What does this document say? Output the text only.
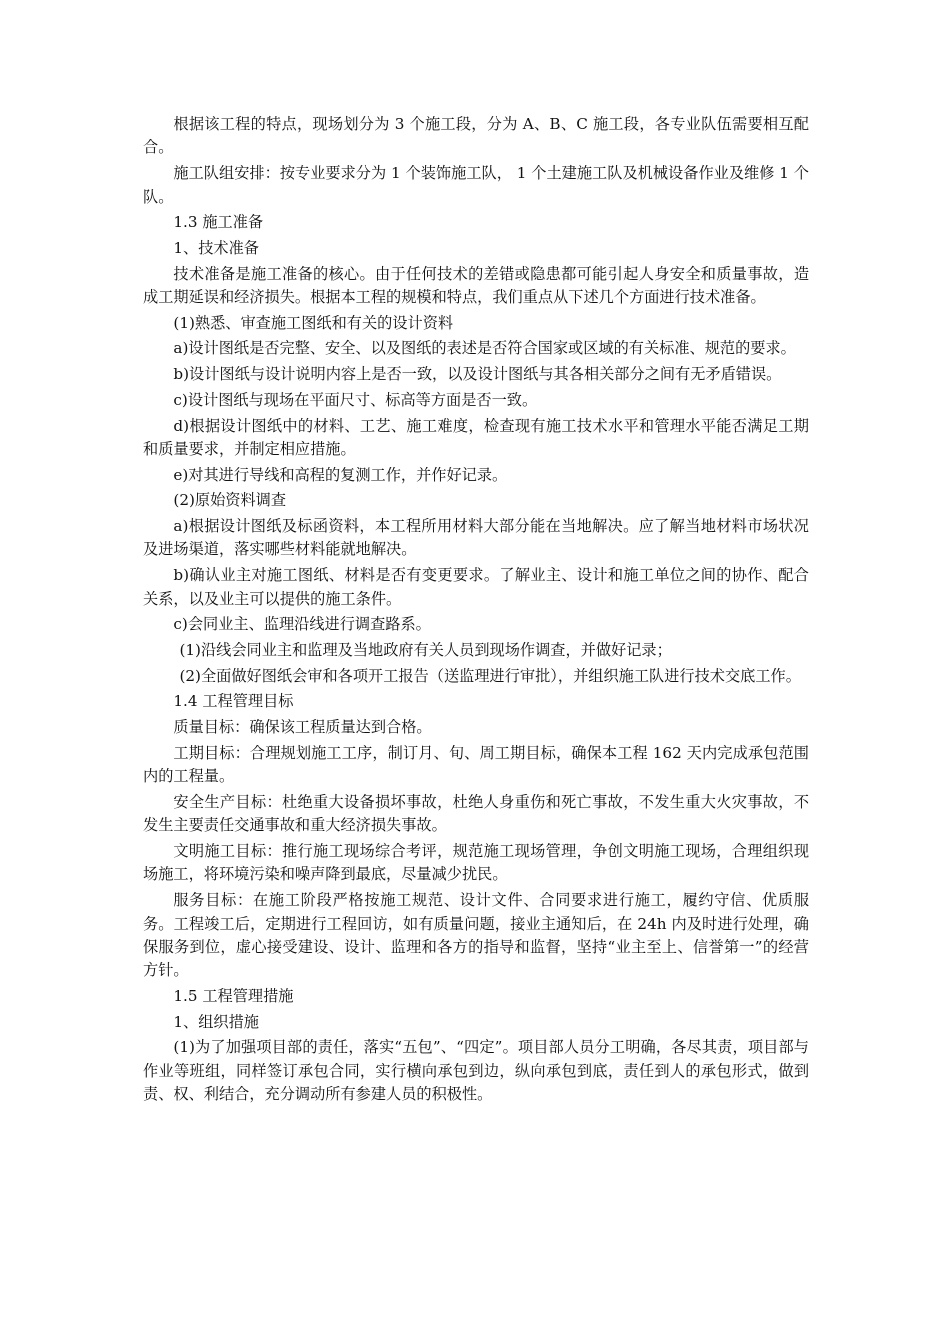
根据该工程的特点，现场划分为 3 个施工段，分为 A、B、C 施工段，各专业队伍需要相互配合。

施工队组安排：按专业要求分为 1 个装饰施工队， 1 个土建施工队及机械设备作业及维修 1 个队。

1.3 施工准备

1、技术准备

技术准备是施工准备的核心。由于任何技术的差错或隐患都可能引起人身安全和质量事故，造成工期延误和经济损失。根据本工程的规模和特点，我们重点从下述几个方面进行技术准备。

(1)熟悉、审查施工图纸和有关的设计资料

a)设计图纸是否完整、安全、以及图纸的表述是否符合国家或区域的有关标准、规范的要求。

b)设计图纸与设计说明内容上是否一致，以及设计图纸与其各相关部分之间有无矛盾错误。

c)设计图纸与现场在平面尺寸、标高等方面是否一致。

d)根据设计图纸中的材料、工艺、施工难度，检查现有施工技术水平和管理水平能否满足工期和质量要求，并制定相应措施。

e)对其进行导线和高程的复测工作，并作好记录。

(2)原始资料调查

a)根据设计图纸及标函资料，本工程所用材料大部分能在当地解决。应了解当地材料市场状况及进场渠道，落实哪些材料能就地解决。

b)确认业主对施工图纸、材料是否有变更要求。了解业主、设计和施工单位之间的协作、配合关系，以及业主可以提供的施工条件。

c)会同业主、监理沿线进行调查路系。

(1)沿线会同业主和监理及当地政府有关人员到现场作调查，并做好记录；

(2)全面做好图纸会审和各项开工报告（送监理进行审批），并组织施工队进行技术交底工作。

1.4 工程管理目标

质量目标：确保该工程质量达到合格。

工期目标：合理规划施工工序，制订月、旬、周工期目标，确保本工程 162 天内完成承包范围内的工程量。

安全生产目标：杜绝重大设备损坏事故，杜绝人身重伤和死亡事故，不发生重大火灾事故，不发生主要责任交通事故和重大经济损失事故。

文明施工目标：推行施工现场综合考评，规范施工现场管理，争创文明施工现场，合理组织现场施工，将环境污染和噪声降到最底，尽量减少扰民。

服务目标：在施工阶段严格按施工规范、设计文件、合同要求进行施工，履约守信、优质服务。工程竣工后，定期进行工程回访，如有质量问题，接业主通知后，在 24h 内及时进行处理，确保服务到位，虚心接受建设、设计、监理和各方的指导和监督，坚持“业主至上、信誉第一”的经营方针。

1.5 工程管理措施

1、组织措施

(1)为了加强项目部的责任，落实“五包”、“四定”。项目部人员分工明确，各尽其责，项目部与作业等班组，同样签订承包合同，实行横向承包到边，纵向承包到底，责任到人的承包形式，做到责、权、利结合，充分调动所有参建人员的积极性。
